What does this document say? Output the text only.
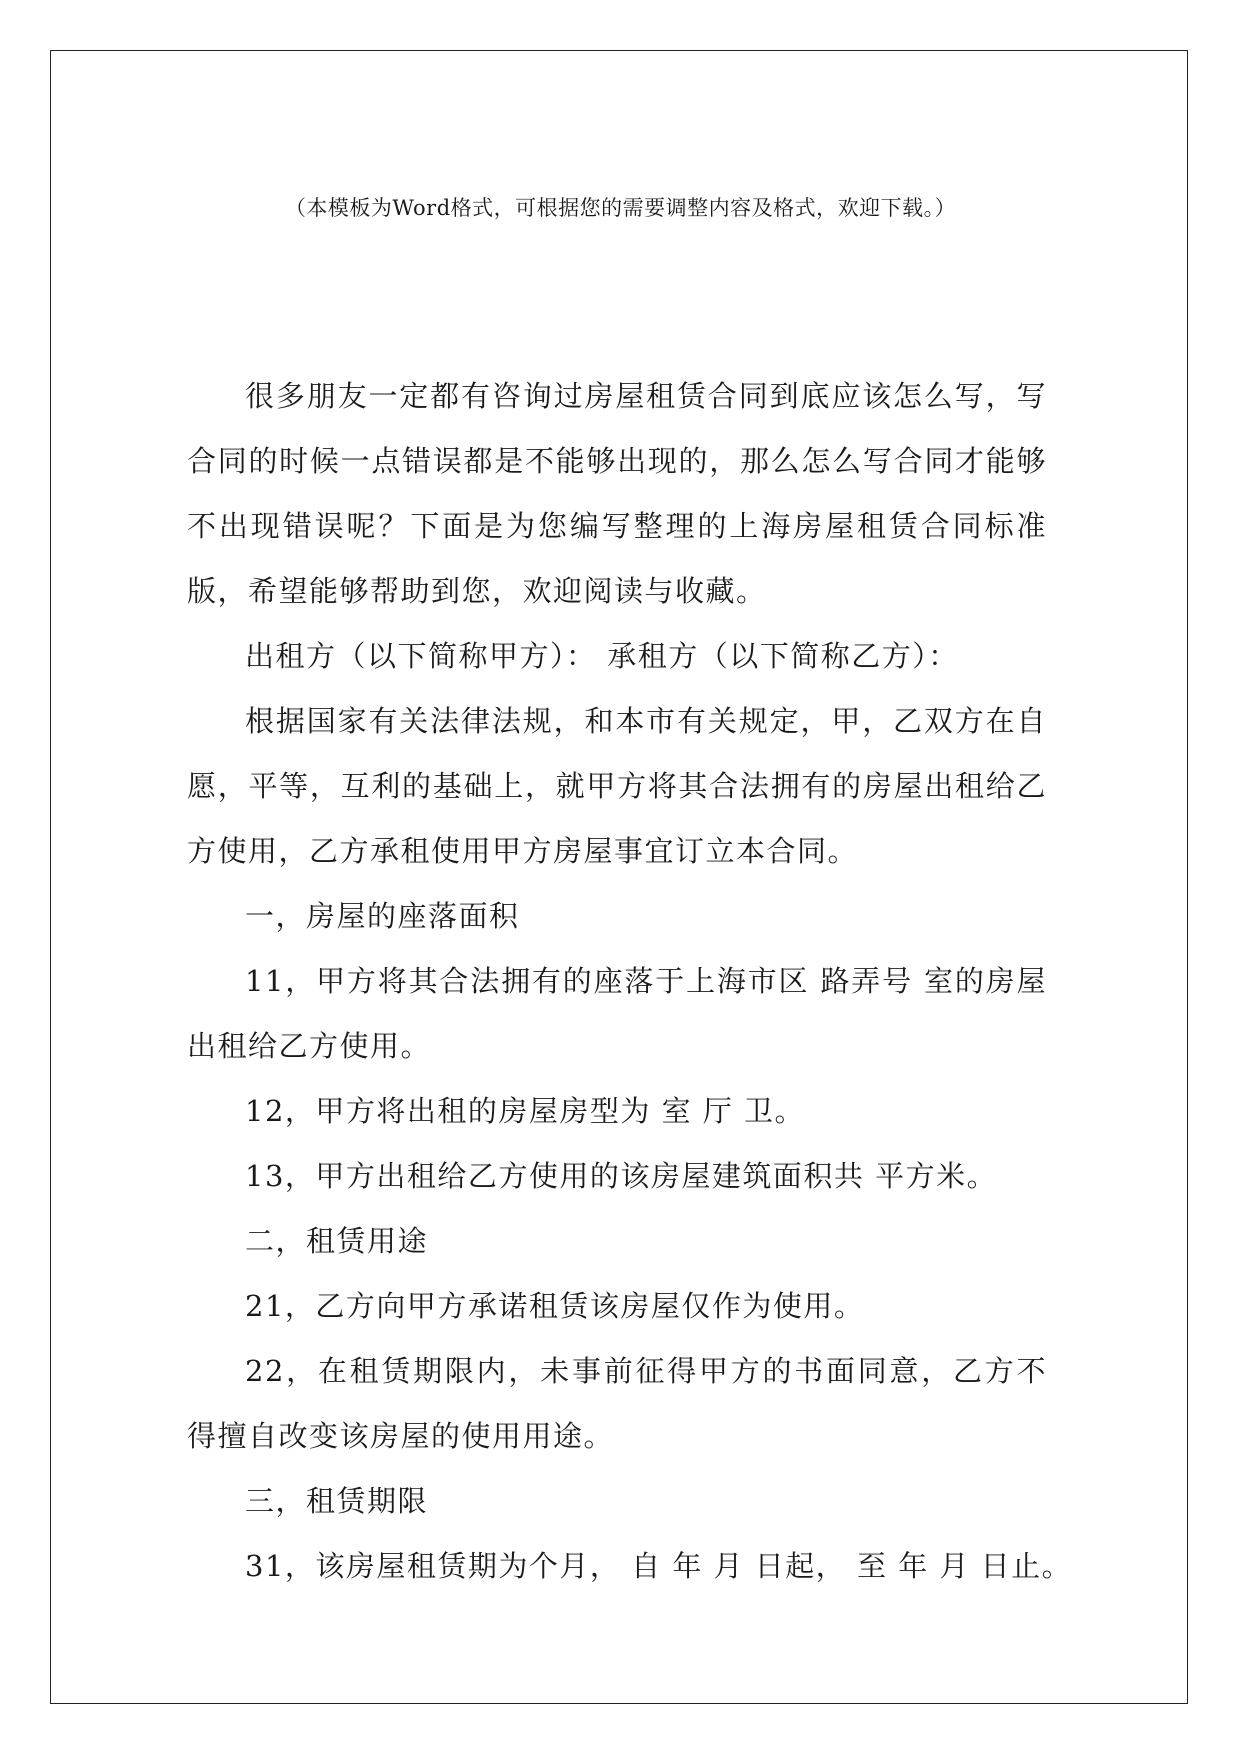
（本模板为Word格式，可根据您的需要调整内容及格式，欢迎下载。）

很多朋友一定都有咨询过房屋租赁合同到底应该怎么写，写合同的时候一点错误都是不能够出现的，那么怎么写合同才能够不出现错误呢？下面是为您编写整理的上海房屋租赁合同标准版，希望能够帮助到您，欢迎阅读与收藏。

出租方（以下简称甲方）： 承租方（以下简称乙方）：

根据国家有关法律法规，和本市有关规定，甲，乙双方在自愿，平等，互利的基础上，就甲方将其合法拥有的房屋出租给乙方使用，乙方承租使用甲方房屋事宜订立本合同。

一，房屋的座落面积

11，甲方将其合法拥有的座落于上海市区 路弄号 室的房屋出租给乙方使用。

12，甲方将出租的房屋房型为 室 厅 卫。

13，甲方出租给乙方使用的该房屋建筑面积共 平方米。

二，租赁用途

21，乙方向甲方承诺租赁该房屋仅作为使用。

22，在租赁期限内，未事前征得甲方的书面同意，乙方不得擅自改变该房屋的使用用途。

三，租赁期限

31，该房屋租赁期为个月， 自 年 月 日起， 至 年 月 日止。
